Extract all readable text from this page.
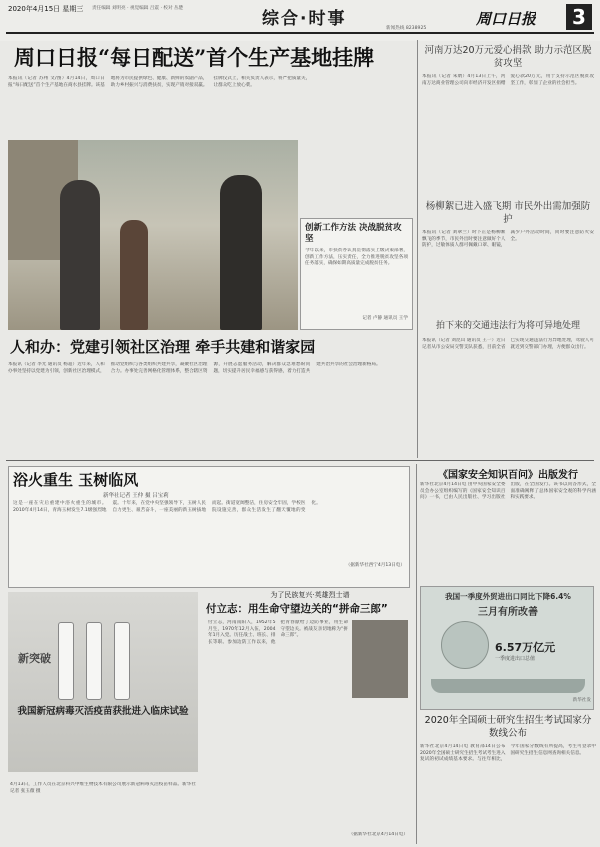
2020年4月15日 星期三 责任编辑 刘明亮 · 视觉编辑 吕震 · 校对 丛楚
综合·时事	新闻热线 8238925
周口日报	3
周口日报“每日配送”首个生产基地挂牌
本报讯（记者 苏州 文/图）4月14日，周口日报“每日配送”首个生产基地在商水县挂牌。该基地将为市民提供绿色、健康、新鲜的农副产品，助力乡村振兴与消费扶贫，实现产销对接双赢。挂牌仪式上，相关负责人表示，将严把质量关，让群众吃上放心菜。
创新工作方法 决战脱贫攻坚
今年以来，市扶贫办认真贯彻落实上级决策部署，创新工作方法，压实责任，全力推进脱贫攻坚各项任务落实，确保如期高质量完成脱贫任务。
记者 卢静 通讯员 王学
人和办：党建引领社区治理 牵手共建和谐家园
本报讯（记者 李光 通讯员 杨超）近年来，人和办事处坚持以党建为引领，创新社区治理模式，推动党组织与各类组织共建共享，凝聚社区治理合力。办事处完善网格化管理体系，整合辖区资源，开展志愿服务活动，解决群众急难愁盼问题，切实提升居民幸福感与获得感，着力打造共建共治共享的社会治理新格局。
河南万达20万元爱心捐款 助力示范区脱贫攻坚
本报讯（记者 朱婧）4月13日上午，河南万达商业管理公司向市经济开发区捐赠爱心款20万元，用于支持示范区脱贫攻坚工作，彰显了企业的社会担当。
杨柳絮已进入盛飞期 市民外出需加强防护
本报讯（记者 刘翠兰）时下正是杨柳絮飘飞的季节，市民外出时要注意做好个人防护，过敏体质人群可佩戴口罩、眼镜，减少户外活动时间，同时要注意防火安全。
拍下来的交通违法行为将可异地处理
本报讯（记者 刘昆山 通讯员 王一）近日记者从市公安局交警支队获悉，目前全省已实现交通违法行为异地处理，驾驶人可就近到交警部门办理，方便群众出行。
浴火重生 玉树临风
新华社记者 王仲 摄 吕宝莉
这是一座在灾后重建中浴火重生的城市。2010年4月14日，青海玉树发生7.1级强烈地震。十年来，在党中央坚强领导下，玉树人民自力更生、艰苦奋斗，一座美丽的新玉树拔地而起。街道宽阔整洁，住房安全牢固，学校医院设施完善，群众生活发生了翻天覆地的变化。
（据新华社西宁4月13日电）
新突破
我国新冠病毒灭活疫苗获批进入临床试验
4月13日，工作人员在北京科兴中维生物技术有限公司展示新冠病毒灭活疫苗样品。新华社记者 张玉薇 摄
为了民族复兴·英雄烈士谱
付立志：用生命守望边关的“拼命三郎”
付立志，河南南阳人，1952年5月生，1970年12月入伍，2004年1月入党。历任战士、班长、排长等职。参加边防工作以来，他把青春献给了边防事业，用生命守望边关。被战友亲切地称为“拼命三郎”。
（据新华社北京4月14日电）
《国家安全知识百问》出版发行
新华社北京4月14日电 由中央国家安全委员会办公室组织编写的《国家安全知识百问》一书，已由人民出版社、学习出版社出版，在全国发行。该书以问答形式，全面准确阐释了总体国家安全观的科学内涵和实践要求。
我国一季度外贸进出口同比下降6.4%
三月有所改善
6.57万亿元
一季度进出口总值
新华社发
2020年全国硕士研究生招生考试国家分数线公布
新华社北京4月14日电 教育部14日公布2020年全国硕士研究生招生考试考生进入复试的初试成绩基本要求。与往年相比，今年国家分数线有所提高，考生可登录中国研究生招生信息网查询相关信息。
